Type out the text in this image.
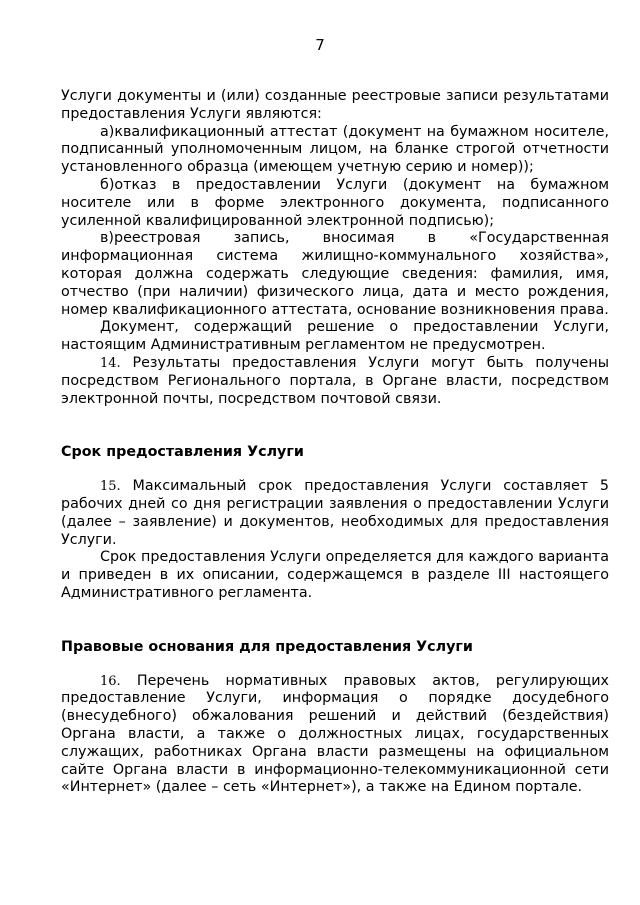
7

Услуги документы и (или) созданные реестровые записи результатами предоставления Услуги являются:

а)квалификационный аттестат (документ на бумажном носителе, подписанный уполномоченным лицом, на бланке строгой отчетности установленного образца (имеющем учетную серию и номер));

б)отказ в предоставлении Услуги (документ на бумажном носителе или в форме электронного документа, подписанного усиленной квалифицированной электронной подписью);

в)реестровая запись, вносимая в «Государственная информационная система жилищно-коммунального хозяйства», которая должна содержать следующие сведения: фамилия, имя, отчество (при наличии) физического лица, дата и место рождения, номер квалификационного аттестата, основание возникновения права.

Документ, содержащий решение о предоставлении Услуги, настоящим Административным регламентом не предусмотрен.

14. Результаты предоставления Услуги могут быть получены посредством Регионального портала, в Органе власти, посредством электронной почты, посредством почтовой связи.

Срок предоставления Услуги

15. Максимальный срок предоставления Услуги составляет 5 рабочих дней со дня регистрации заявления о предоставлении Услуги (далее – заявление) и документов, необходимых для предоставления Услуги.

Срок предоставления Услуги определяется для каждого варианта и приведен в их описании, содержащемся в разделе III настоящего Административного регламента.

Правовые основания для предоставления Услуги

16. Перечень нормативных правовых актов, регулирующих предоставление Услуги, информация о порядке досудебного (внесудебного) обжалования решений и действий (бездействия) Органа власти, а также о должностных лицах, государственных служащих, работниках Органа власти размещены на официальном сайте Органа власти в информационно-телекоммуникационной сети «Интернет» (далее – сеть «Интернет»), а также на Едином портале.
